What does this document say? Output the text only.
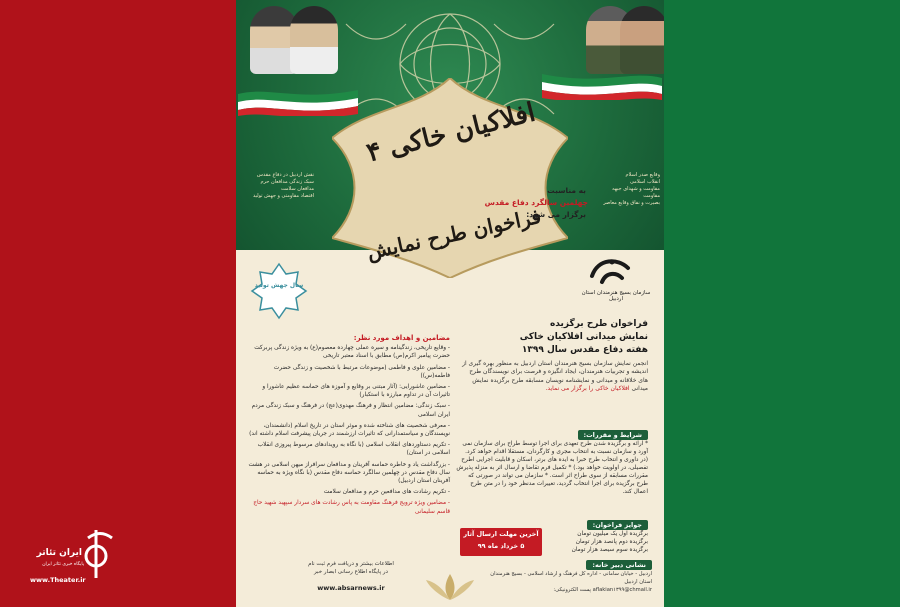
افلاکیان خاکی ۴
فراخوان طرح نمایش
به مناسبت
چهلمین سالگرد دفاع مقدس
برگزار می شود:
نقش اردبیل در دفاع مقدس
سبک زندگی مدافعان حرم
مدافعان سلامت
اقتصاد مقاومتی و جهش تولید
وقایع صدر اسلام
انقلاب اسلامی
مقاومت و شهدای جبهه
مقاومت
بصیرت و نفاق وقایع معاصر
سال جهش تولید
سازمان بسیج هنرمندان استان اردبیل
فراخوان طرح برگزیده
نمایش میدانی افلاکیان خاکی
هفته دفاع مقدس سال ۱۳۹۹
انجمن نمایش سازمان بسیج هنرمندان استان اردبیل به منظور بهره گیری از اندیشه و تجربیات هنرمندان، ایجاد انگیزه و فرصت برای نویسندگان طرح های خلاقانه و میدانی و نمایشنامه نویسان مسابقه طرح برگزیده نمایش میدانی افلاکیان خاکی را برگزار می نماید.
مضامین و اهداف مورد نظر:
- وقایع تاریخی، زندگینامه و سیره عملی چهارده معصوم(ع) به ویژه زندگی پربرکت حضرت پیامبر اکرم(ص) مطابق با اسناد معتبر تاریخی
- مضامین علوی و فاطمی (موضوعات مرتبط با شخصیت و زندگی حضرت فاطمه(س))
- مضامین عاشورایی: (آثار مبتنی بر وقایع و آموزه های حماسه عظیم عاشورا و تاثیرات آن در تداوم مبارزه با استکبار)
- سبک زندگی: مضامین انتظار و فرهنگ مهدوی(عج) در فرهنگ و سبک زندگی مردم ایران اسلامی
- معرفی شخصیت های شناخته شده و موثر استان در تاریخ اسلام (دانشمندان، نویسندگان و سیاستمدارانی که تاثیرات ارزشمند در جریان پیشرفت اسلام داشته اند)
- تکریم دستاوردهای انقلاب اسلامی (با نگاه به رویدادهای مرسوط پیروزی انقلاب اسلامی در استان)
- بزرگداشت یاد و خاطره حماسه آفرینان و مدافعان سرافراز میهن اسلامی در هشت سال دفاع مقدس در چهلمین سالگرد حماسه دفاع مقدس (با نگاه ویژه به حماسه آفرینان استان اردبیل)
- تکریم رشادت های مدافعین حرم و مدافعان سلامت
- مضامین ویژه ترویج فرهنگ مقاومت به پاس رشادت های سردار سپهبد شهید حاج قاسم سلیمانی
شرایط و مقررات:
* ارائه و برگزیده شدن طرح تعهدی برای اجرا توسط طراح برای سازمان نمی آورد و سازمان نسبت به انتخاب مجری و کارگردان، مستقلا اقدام خواهد کرد. (در داوری و انتخاب طرح خبرا به ایده های برتر، اسکان و قابلیت اجرایی اطرح تفصیلی، در اولویت خواهد بود.) * تکمیل فرم تقاضا و ارسال اثر به منزله پذیرش مقررات مسابقه از سوی طراح اثر است. * سازمان می تواند در صورتی که طرح برگزیده برای اجرا انتخاب گردید، تغییرات مدنظر خود را در متن طرح اعمال کند.
جوایز فراخوان:
برگزیده اول یک میلیون تومان
برگزیده دوم پانصد هزار تومان
برگزیده سوم سیصد هزار تومان
آخرین مهلت ارسال آثار
۵ خرداد ماه ۹۹
اطلاعات بیشتر و دریافت فرم ثبت نام
در پایگاه اطلاع رسانی ابصار خبر
www.absarnews.ir
نشانی دبیر خانه:
اردبیل - خیابان سامانی - اداره کل فرهنگ و ارشاد اسلامی - بسیج هنرمندان استان اردبیل
aflakian۱۳۹۹@chmail.ir پست الکترونیکی:
ایران تئاتر
پایگاه خبری تئاتر ایران
www.Theater.ir
